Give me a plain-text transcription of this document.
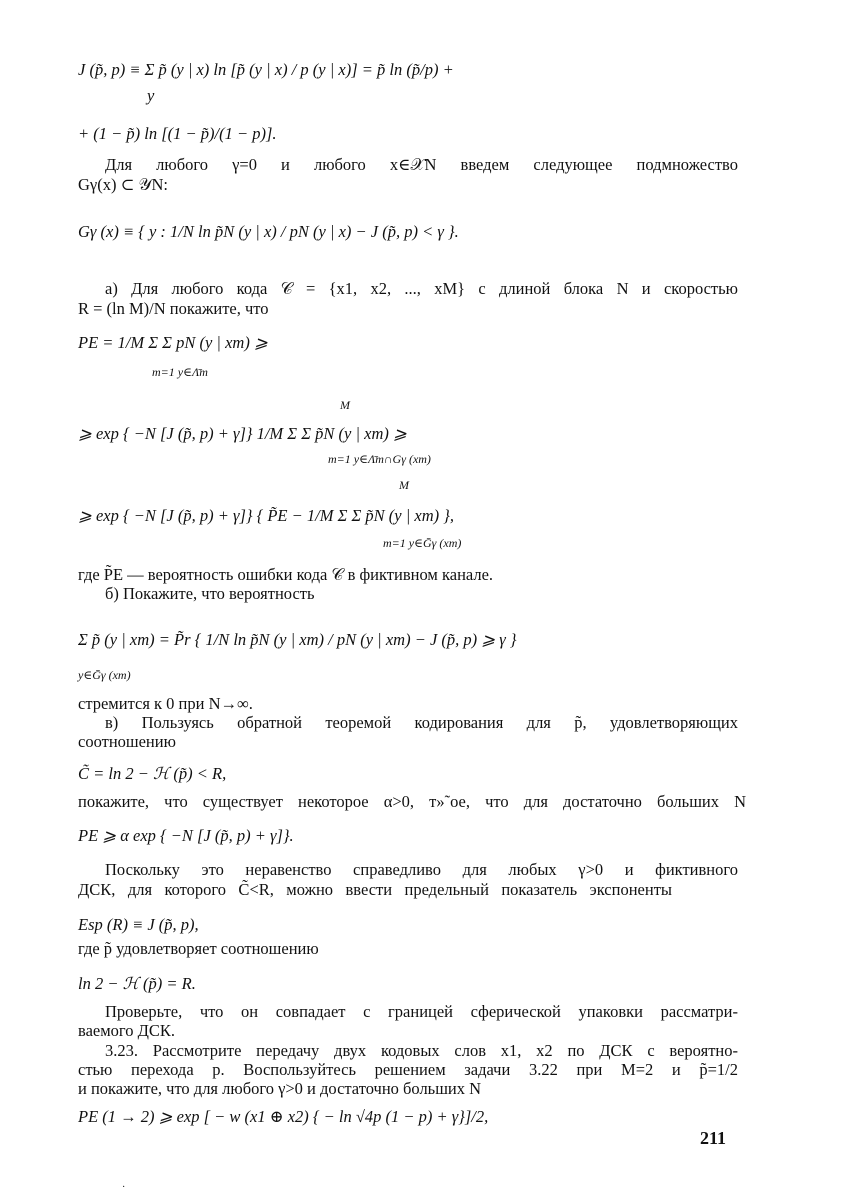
J (p̃, p) ≡ Σ p̃ (y | x) ln [p̃ (y | x) / p (y | x)] = p̃ ln (p̃/p) +
y
+ (1 − p̃) ln [(1 − p̃)/(1 − p)].
Для любого γ=0 и любого x∈𝒳N введем следующее подмножество
Gγ(x) ⊂ 𝒴N:
Gγ (x) ≡ { y : 1/N ln p̃N (y | x) / pN (y | x) − J (p̃, p) < γ }.
а) Для любого кода 𝒞 = {x1, x2, ..., xM} с длиной блока N и скоростью
R = (ln M)/N покажите, что
PE = 1/M Σ Σ pN (y | xm) ⩾
m=1 y∈Λ̄m
M
⩾ exp { −N [J (p̃, p) + γ]} 1/M Σ Σ p̃N (y | xm) ⩾
m=1 y∈Λ̄m∩Gγ (xm)
M
⩾ exp { −N [J (p̃, p) + γ]} { P̃E − 1/M Σ Σ p̃N (y | xm) },
m=1 y∈Ḡγ (xm)
где P̃E — вероятность ошибки кода 𝒞 в фиктивном канале.
б) Покажите, что вероятность
Σ p̃ (y | xm) = P̃r { 1/N ln p̃N (y | xm) / pN (y | xm) − J (p̃, p) ⩾ γ }
y∈Ḡγ (xm)
стремится к 0 при N→∞.
в) Пользуясь обратной теоремой кодирования для p̃, удовлетворяющих
соотношению
C̃ = ln 2 − ℋ (p̃) < R,
покажите, что существует некоторое α>0, т»˜ое, что для достаточно больших N
PE ⩾ α exp { −N [J (p̃, p) + γ]}.
Поскольку это неравенство справедливо для любых γ>0 и фиктивного
ДСК, для которого C̃<R, можно ввести предельный показатель экспоненты
Esp (R) ≡ J (p̃, p),
где p̃ удовлетворяет соотношению
ln 2 − ℋ (p̃) = R.
Проверьте, что он совпадает с границей сферической упаковки рассматри-
ваемого ДСК.
3.23. Рассмотрите передачу двух кодовых слов x1, x2 по ДСК с вероятно-
стью перехода p. Воспользуйтесь решением задачи 3.22 при M=2 и p̃=1/2
и покажите, что для любого γ>0 и достаточно больших N
PE (1 → 2) ⩾ exp [ − w (x1 ⊕ x2) { − ln √4p (1 − p) + γ}]/2,
211
·
